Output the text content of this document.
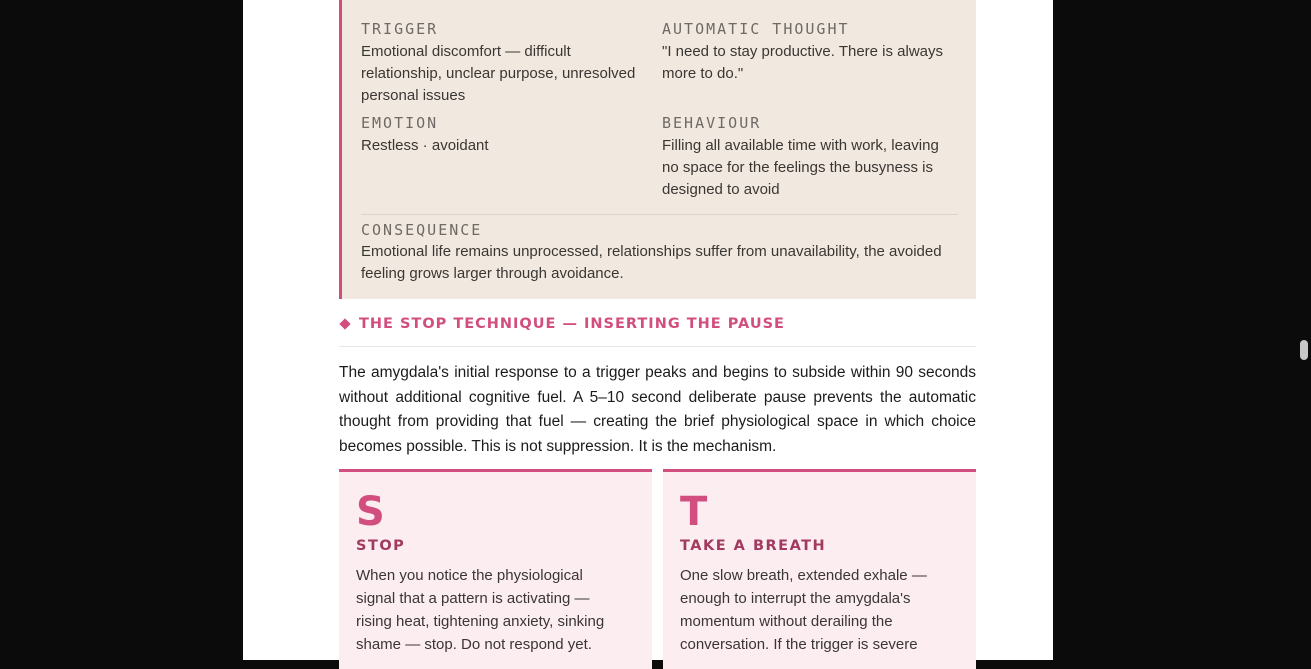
TRIGGER
Emotional discomfort — difficult relationship, unclear purpose, unresolved personal issues
AUTOMATIC THOUGHT
"I need to stay productive. There is always more to do."
EMOTION
Restless · avoidant
BEHAVIOUR
Filling all available time with work, leaving no space for the feelings the busyness is designed to avoid
CONSEQUENCE
Emotional life remains unprocessed, relationships suffer from unavailability, the avoided feeling grows larger through avoidance.
THE STOP TECHNIQUE — INSERTING THE PAUSE

The amygdala's initial response to a trigger peaks and begins to subside within 90 seconds without additional cognitive fuel. A 5–10 second deliberate pause prevents the automatic thought from providing that fuel — creating the brief physiological space in which choice becomes possible. This is not suppression. It is the mechanism.

S
STOP
When you notice the physiological signal that a pattern is activating — rising heat, tightening anxiety, sinking shame — stop. Do not respond yet.
T
TAKE A BREATH
One slow breath, extended exhale — enough to interrupt the amygdala's momentum without derailing the conversation. If the trigger is severe
